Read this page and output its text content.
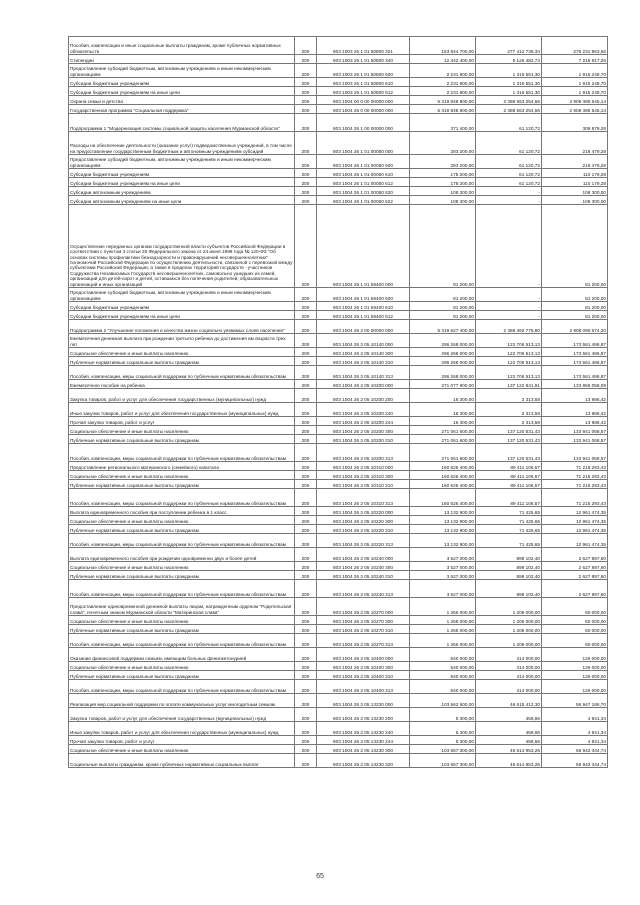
Пособия, компенсации и иные социальные выплаты гражданам, кроме публичных нормативных обязательств	200	803 1003 26 1 01 50800 321	153 844 700,00	277 412 736,34	276 231 963,66
Стипендии	200	803 1003 26 1 01 50800 340	12 442 400,00	5 126 482,74	7 215 917,26
Предоставление субсидий бюджетным, автономным учреждениям и иным некоммерческим организациям	200	803 1003 26 1 01 50800 600	2 231 800,00	1 316 551,30	1 915 248,70
Субсидии бюджетным учреждениям	200	803 1003 26 1 01 50800 610	2 231 800,00	1 316 551,30	1 915 248,70
Субсидии бюджетным учреждениям на иные цели	200	803 1003 26 1 01 50800 612	2 231 800,00	1 316 551,30	1 915 248,70
Охрана семьи и детства	200	803 1004 00 0 00 00000 000	5 319 848 800,00	2 388 563 254,66	2 908 385 545,14
Государственная программа "Социальная поддержка"	200	803 1004 26 0 00 00000 000	5 319 848 800,00	2 388 563 254,66	2 908 385 545,14
Подпрограмма 1 "Модернизация системы социальной защиты населения Мурманской области"	200	803 1004 26 1 00 00000 000	371 400,00	61 120,72	309 879,28
Расходы на обеспечение деятельности (оказание услуг) подведомственных учреждений, в том числе на предоставление государственным бюджетным и автономным учреждениям субсидий	200	803 1004 26 1 01 00050 000	283 200,00	61 120,72	218 479,28
Предоставление субсидий бюджетным, автономным учреждениям и иным некоммерческим организациям	200	803 1004 26 1 01 00050 600	283 200,00	61 120,72	218 479,28
Субсидии бюджетным учреждениям	200	803 1004 26 1 01 00050 610	175 200,00	61 120,72	110 179,28
Субсидии бюджетным учреждениям на иные цели	200	803 1004 26 1 01 00050 612	175 200,00	61 120,72	110 179,28
Субсидии автономным учреждениям	200	803 1004 26 1 01 00050 620	108 300,00	-	108 300,00
Субсидии автономным учреждениям на иные цели	200	803 1004 26 1 01 00050 622	108 300,00	-	108 300,00
Осуществление переданных органам государственной власти субъектов Российской Федерации в соответствии с пунктом 3 статьи 25 Федерального закона от 24 июня 1999 года № 120-ФЗ "Об основах системы профилактики безнадзорности и правонарушений несовершеннолетних" полномочий Российской Федерации по осуществлению деятельности, связанной с перевозкой между субъектами Российской Федерации, а также в пределах территорий государств - участников Содружества Независимых Государств несовершеннолетних, самовольно ушедших из семей, организаций для детей-сирот и детей, оставшихся без попечения родителей, образовательных организаций и иных организаций	200	803 1004 26 1 01 59400 000	81 200,00	-	81 200,00
Предоставление субсидий бюджетным, автономным учреждениям и иным некоммерческим организациям	200	803 1004 26 1 01 59400 600	81 200,00	-	81 200,00
Субсидии бюджетным учреждениям	200	803 1004 26 1 01 59400 610	81 200,00	-	81 200,00
Субсидии бюджетным учреждениям на иные цели	200	803 1004 26 1 01 59400 612	81 200,00	-	81 200,00
Подпрограмма 2 "Улучшение положения и качества жизни социально уязвимых слоев населения"	200	803 1004 26 2 00 00000 000	5 319 627 400,00	2 388 492 775,80	2 908 090 674,20
Ежемесячная денежная выплата при рождении третьего ребенка до достижения им возраста трех лет	200	803 1004 26 2 05 10140 000	296 268 000,00	122 706 513,13	173 561 486,87
Социальное обеспечение и иные выплаты населению	200	803 1004 26 2 05 10140 300	296 268 000,00	122 706 513,13	173 561 486,87
Публичные нормативные социальные выплаты гражданам	200	803 1004 26 2 05 10140 310	296 268 000,00	122 706 513,13	173 561 486,87
Пособия, компенсации, меры социальной поддержки по публичным нормативным обязательствам	200	803 1004 26 2 05 10140 313	296 268 000,00	122 706 513,13	173 561 486,87
Ежемесячное пособие на ребенка	200	803 1004 26 2 05 10200 000	271 077 900,00	137 122 841,91	133 955 058,09
Закупка товаров, работ и услуг для обеспечения государственных (муниципальных) нужд	200	803 1004 26 2 05 10200 200	16 300,00	2 313,58	13 986,42
Иные закупки товаров, работ и услуг для обеспечения государственных (муниципальных) нужд	200	803 1004 26 2 05 10200 240	16 300,00	2 313,58	13 986,42
Прочая закупка товаров, работ и услуг	200	803 1004 26 2 05 10200 244	16 300,00	2 313,58	13 986,42
Социальное обеспечение и иные выплаты населению	200	803 1004 26 2 05 10200 300	271 061 600,00	137 120 531,43	133 941 068,57
Публичные нормативные социальные выплаты гражданам	200	803 1004 26 2 05 10200 310	271 061 600,00	137 120 531,43	133 941 068,57
Пособия, компенсации, меры социальной поддержки по публичным нормативным обязательствам	200	803 1004 26 2 05 10200 313	271 061 600,00	137 120 531,43	133 941 068,57
Предоставление регионального материнского (семейного) капитала	200	803 1004 26 2 05 10310 000	160 626 400,00	89 411 106,57	71 215 293,43
Социальное обеспечение и иные выплаты населению	200	803 1004 26 2 05 10310 300	160 626 400,00	89 411 106,57	71 215 293,43
Публичные нормативные социальные выплаты гражданам	200	803 1004 26 2 05 10310 310	160 626 400,00	89 411 106,57	71 215 293,43
Пособия, компенсации, меры социальной поддержки по публичным нормативным обязательствам	200	803 1004 26 2 05 10310 313	160 626 400,00	89 411 106,57	71 215 293,43
Выплата единовременного пособия при поступлении ребенка в 1 класс	200	803 1004 26 2 05 10220 000	13 132 900,00	71 425,65	12 961 474,35
Социальное обеспечение и иные выплаты населению	200	803 1004 26 2 05 10220 300	13 132 900,00	71 425,65	12 961 474,35
Публичные нормативные социальные выплаты гражданам	200	803 1004 26 2 05 10220 310	13 132 900,00	71 425,65	12 961 474,35
Пособия, компенсации, меры социальной поддержки по публичным нормативным обязательствам	200	803 1004 26 2 05 10220 313	13 132 900,00	71 425,65	12 961 474,35
Выплата единовременного пособия при рождении одновременно двух и более детей	200	803 1004 26 2 05 10240 000	3 527 000,00	899 102,40	2 627 897,60
Социальное обеспечение и иные выплаты населению	200	803 1004 26 2 05 10240 300	3 527 000,00	899 102,40	2 627 897,60
Публичные нормативные социальные выплаты гражданам	200	803 1004 26 2 05 10240 310	3 527 000,00	899 102,40	2 627 897,60
Пособия, компенсации, меры социальной поддержки по публичным нормативным обязательствам	200	803 1004 26 2 05 10240 313	3 527 000,00	899 102,40	2 627 897,60
Предоставление единовременной денежной выплаты лицам, награжденным орденом "Родительская слава", почетным знаком Мурманской области "Материнская слава"	200	803 1004 26 2 05 10270 000	1 265 000,00	1 205 000,00	60 000,00
Социальное обеспечение и иные выплаты населению	200	803 1004 26 2 05 10270 300	1 265 000,00	1 205 000,00	60 000,00
Публичные нормативные социальные выплаты гражданам	200	803 1004 26 2 05 10270 310	1 265 000,00	1 205 000,00	60 000,00
Пособия, компенсации, меры социальной поддержки по публичным нормативным обязательствам	200	803 1004 26 2 05 10270 313	1 265 000,00	1 205 000,00	60 000,00
Оказание финансовой поддержки семьям, имеющим больных фенилкетонурией	200	803 1004 26 2 05 10400 000	540 000,00	414 000,00	126 000,00
Социальное обеспечение и иные выплаты населению	200	803 1004 26 2 05 10400 300	540 000,00	414 000,00	126 000,00
Публичные нормативные социальные выплаты гражданам	200	803 1004 26 2 05 10400 310	540 000,00	414 000,00	126 000,00
Пособия, компенсации, меры социальной поддержки по публичным нормативным обязательствам	200	803 1004 26 2 05 10400 313	540 000,00	414 000,00	126 000,00
Реализация мер социальной поддержки по оплате коммунальных услуг многодетным семьям	200	803 1004 26 2 05 13230 000	103 662 600,00	46 615 412,30	56 947 186,70
Закупка товаров, работ и услуг для обеспечения государственных (муниципальных) нужд	200	803 1004 26 2 05 13230 200	5 300,00	458,66	4 841,34
Иные закупки товаров, работ и услуг для обеспечения государственных (муниципальных) нужд	200	803 1004 26 2 05 13230 240	5 300,00	458,66	4 841,34
Прочая закупка товаров, работ и услуг	200	803 1004 26 2 05 13230 244	5 300,00	458,66	4 841,34
Социальное обеспечение и иные выплаты населению	200	803 1004 26 2 05 13230 300	103 657 300,00	46 614 953,26	56 942 344,74
Социальные выплаты гражданам, кроме публичных нормативных социальных выплат	200	803 1004 26 2 05 13230 320	103 657 300,00	46 614 953,26	56 942 344,74
65
